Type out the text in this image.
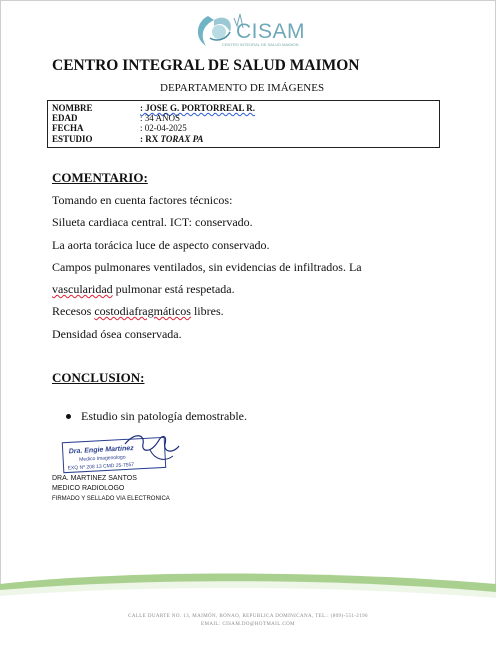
CISAM
CENTRO INTEGRAL DE SALUD MAIMON
CENTRO INTEGRAL DE SALUD MAIMON
DEPARTAMENTO DE IMÁGENES
NOMBRE	: JOSE G. PORTORREAL R.
EDAD	: 34 AÑOS
FECHA	: 02-04-2025
ESTUDIO	: RX TORAX PA
COMENTARIO:
Tomando en cuenta factores técnicos:
Silueta cardiaca central. ICT: conservado.
La aorta torácica luce de aspecto conservado.
Campos pulmonares ventilados, sin evidencias de infiltrados. La
vascularidad pulmonar está respetada.
Recesos costodiafragmáticos libres.
Densidad ósea conservada.
CONCLUSION:
Estudio sin patología demostrable.
Dra. Engie Martinez
Medico Imagenologo
EXQ Nº 208 13 CMD 25-7557
DRA. MARTINEZ SANTOS
MEDICO RADIOLOGO
FIRMADO Y SELLADO VIA ELECTRONICA
CALLE DUARTE NO. 13, MAIMÓN, BONAO, REPUBLICA DOMINICANA, TEL.: (809)-551-2196
EMAIL: CISAM.DO@HOTMAIL.COM
